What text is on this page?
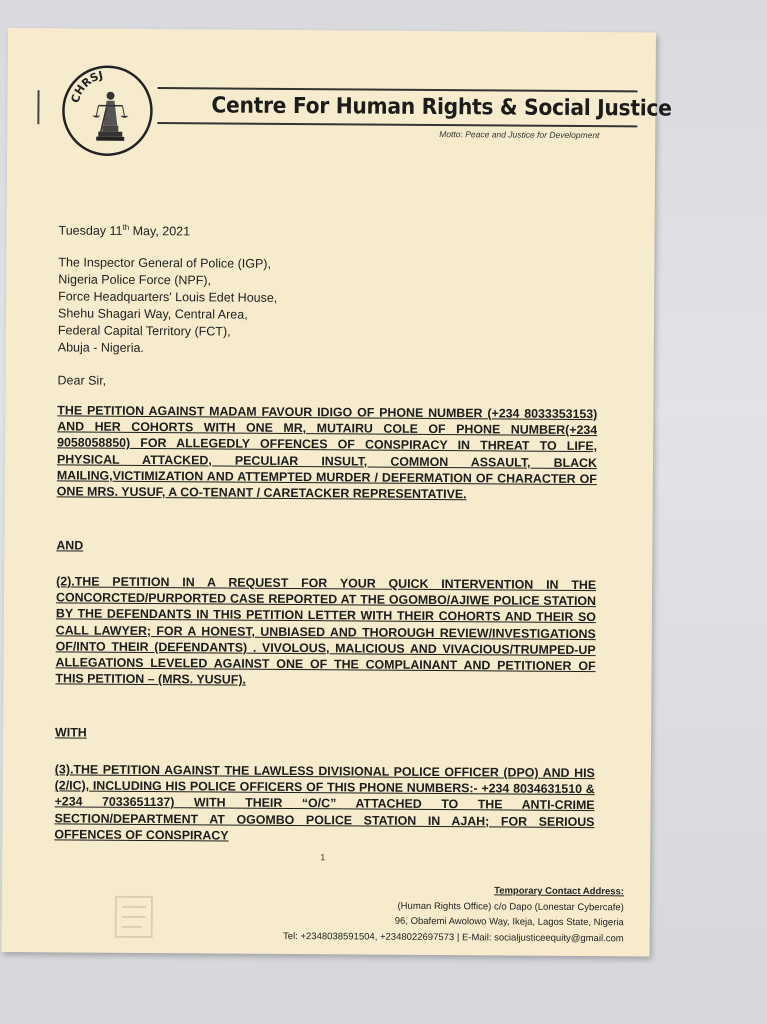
CHRSJ
Centre For Human Rights & Social Justice
Motto: Peace and Justice for Development
Tuesday 11th May, 2021
The Inspector General of Police (IGP),
Nigeria Police Force (NPF),
Force Headquarters' Louis Edet House,
Shehu Shagari Way, Central Area,
Federal Capital Territory (FCT),
Abuja - Nigeria.
Dear Sir,
THE PETITION AGAINST MADAM FAVOUR IDIGO OF PHONE NUMBER (+234 8033353153) AND HER COHORTS WITH ONE MR, MUTAIRU COLE OF PHONE NUMBER(+234 9058058850) FOR ALLEGEDLY OFFENCES OF CONSPIRACY IN THREAT TO LIFE, PHYSICAL ATTACKED, PECULIAR INSULT, COMMON ASSAULT, BLACK MAILING,VICTIMIZATION AND ATTEMPTED MURDER / DEFERMATION OF CHARACTER OF ONE MRS. YUSUF, A CO-TENANT / CARETACKER REPRESENTATIVE.
AND
(2).THE PETITION IN A REQUEST FOR YOUR QUICK INTERVENTION IN THE CONCORCTED/PURPORTED CASE REPORTED AT THE OGOMBO/AJIWE POLICE STATION BY THE DEFENDANTS IN THIS PETITION LETTER WITH THEIR COHORTS AND THEIR SO CALL LAWYER; FOR A HONEST, UNBIASED AND THOROUGH REVIEW/INVESTIGATIONS OF/INTO THEIR (DEFENDANTS) . VIVOLOUS, MALICIOUS AND VIVACIOUS/TRUMPED-UP ALLEGATIONS LEVELED AGAINST ONE OF THE COMPLAINANT AND PETITIONER OF THIS PETITION – (MRS. YUSUF).
WITH
(3).THE PETITION AGAINST THE LAWLESS DIVISIONAL POLICE OFFICER (DPO) AND HIS (2/IC), INCLUDING HIS POLICE OFFICERS OF THIS PHONE NUMBERS:- +234 8034631510 & +234 7033651137) WITH THEIR “O/C” ATTACHED TO THE ANTI-CRIME SECTION/DEPARTMENT AT OGOMBO POLICE STATION IN AJAH; FOR SERIOUS OFFENCES OF CONSPIRACY
1
Temporary Contact Address:
(Human Rights Office) c/o Dapo (Lonestar Cybercafe)
96, Obafemi Awolowo Way, Ikeja, Lagos State, Nigeria
Tel: +2348038591504, +2348022697573 | E-Mail: socialjusticeequity@gmail.com
